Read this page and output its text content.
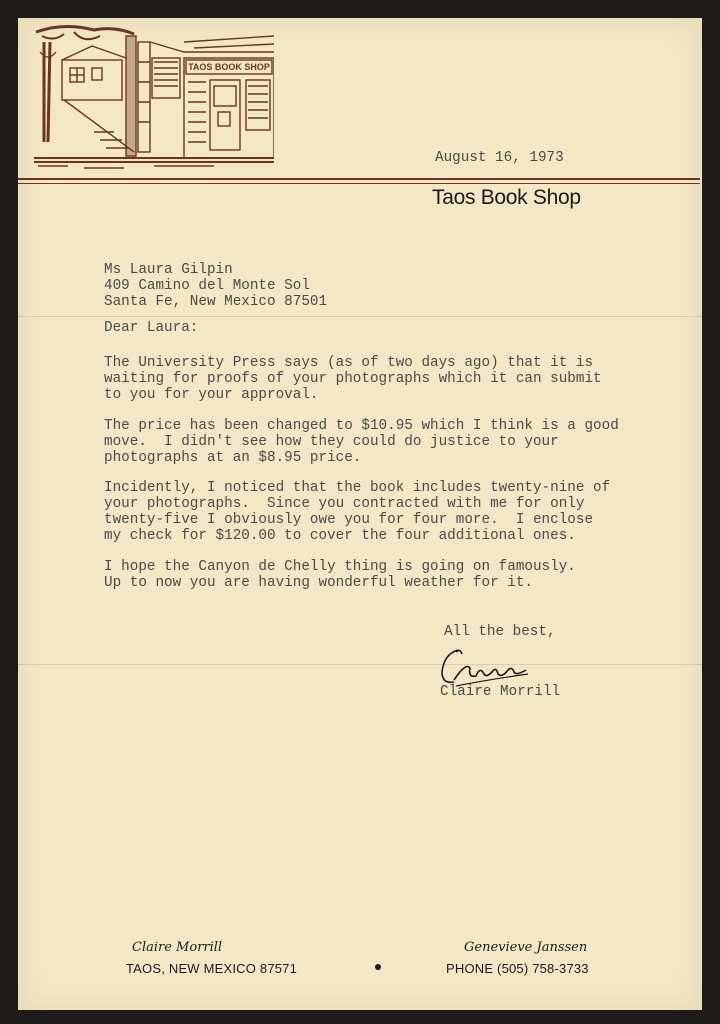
TAOS BOOK SHOP
August 16, 1973
Taos Book Shop
Ms Laura Gilpin
409 Camino del Monte Sol
Santa Fe, New Mexico 87501
Dear Laura:
The University Press says (as of two days ago) that it is
waiting for proofs of your photographs which it can submit
to you for your approval.
The price has been changed to $10.95 which I think is a good
move.  I didn't see how they could do justice to your
photographs at an $8.95 price.
Incidently, I noticed that the book includes twenty-nine of
your photographs.  Since you contracted with me for only
twenty-five I obviously owe you for four more.  I enclose
my check for $120.00 to cover the four additional ones.
I hope the Canyon de Chelly thing is going on famously.
Up to now you are having wonderful weather for it.
All the best,
Claire Morrill
Claire Morrill	Genevieve Janssen
TAOS, NEW MEXICO 87571	PHONE (505) 758-3733
